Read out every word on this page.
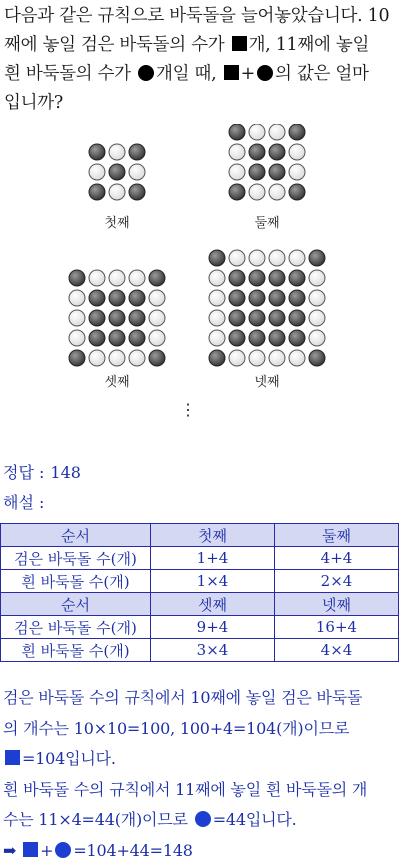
다음과 같은 규칙으로 바둑돌을 늘어놓았습니다. 10
째에 놓일 검은 바둑돌의 수가 개, 11째에 놓일
흰 바둑돌의 수가 개일 때, + 의 값은 얼마
입니까?
첫째	둘째
셋째	넷째
⋮
정답 : 148
해설 :
순서	첫째	둘째
검은 바둑돌 수(개)	1+4	4+4
흰 바둑돌 수(개)	1×4	2×4
순서	셋째	넷째
검은 바둑돌 수(개)	9+4	16+4
흰 바둑돌 수(개)	3×4	4×4
검은 바둑돌 수의 규칙에서 10째에 놓일 검은 바둑돌
의 개수는 10×10=100, 100+4=104(개)이므로
=104입니다.
흰 바둑돌 수의 규칙에서 11째에 놓일 흰 바둑돌의 개
수는 11×4=44(개)이므로 =44입니다.
➡ + =104+44=148
